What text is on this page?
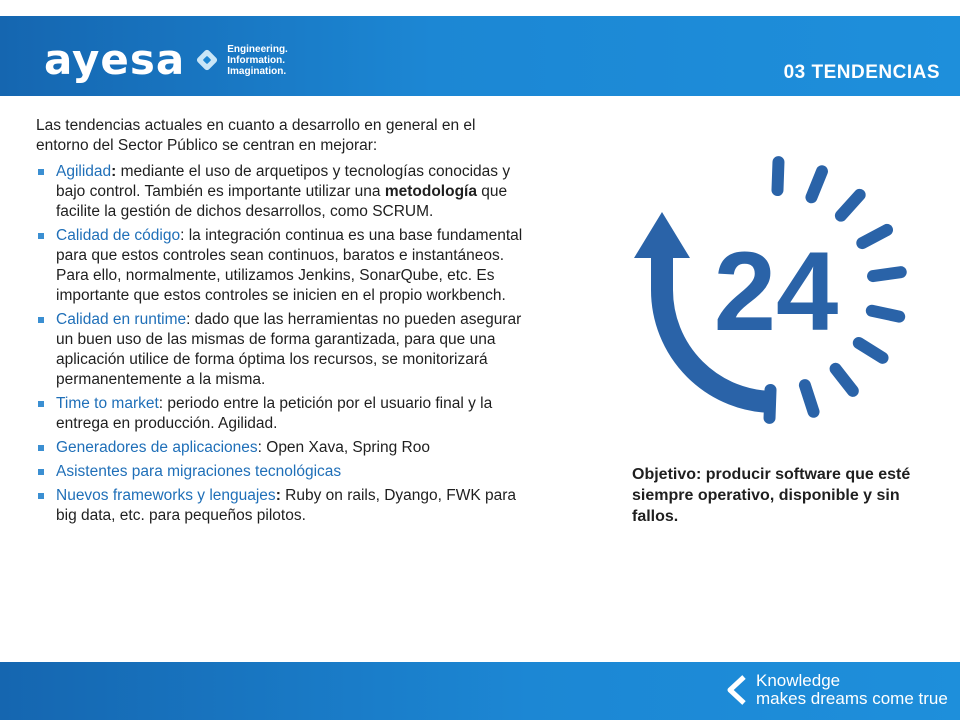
ayesa	Engineering.
Information.
Imagination.	03 TENDENCIAS

Las tendencias actuales en cuanto a desarrollo en general en el entorno del Sector Público se centran en mejorar:

Agilidad: mediante el uso de arquetipos y tecnologías conocidas y bajo control. También es importante utilizar una metodología que facilite la gestión de dichos desarrollos, como SCRUM.
Calidad de código: la integración continua es una base fundamental para que estos controles sean continuos, baratos e instantáneos. Para ello, normalmente, utilizamos Jenkins, SonarQube, etc. Es importante que estos controles se inicien en el propio workbench.
Calidad en runtime: dado que las herramientas no pueden asegurar un buen uso de las mismas de forma garantizada, para que una aplicación utilice de forma óptima los recursos, se monitorizará permanentemente a la misma.
Time to market: periodo entre la petición por el usuario final y la entrega en producción. Agilidad.
Generadores de aplicaciones: Open Xava, Spring Roo
Asistentes para migraciones tecnológicas
Nuevos frameworks y lenguajes: Ruby on rails, Dyango, FWK para big data, etc. para pequeños pilotos.
24
Objetivo: producir software que esté siempre operativo, disponible y sin fallos.
Knowledge
makes dreams come true
